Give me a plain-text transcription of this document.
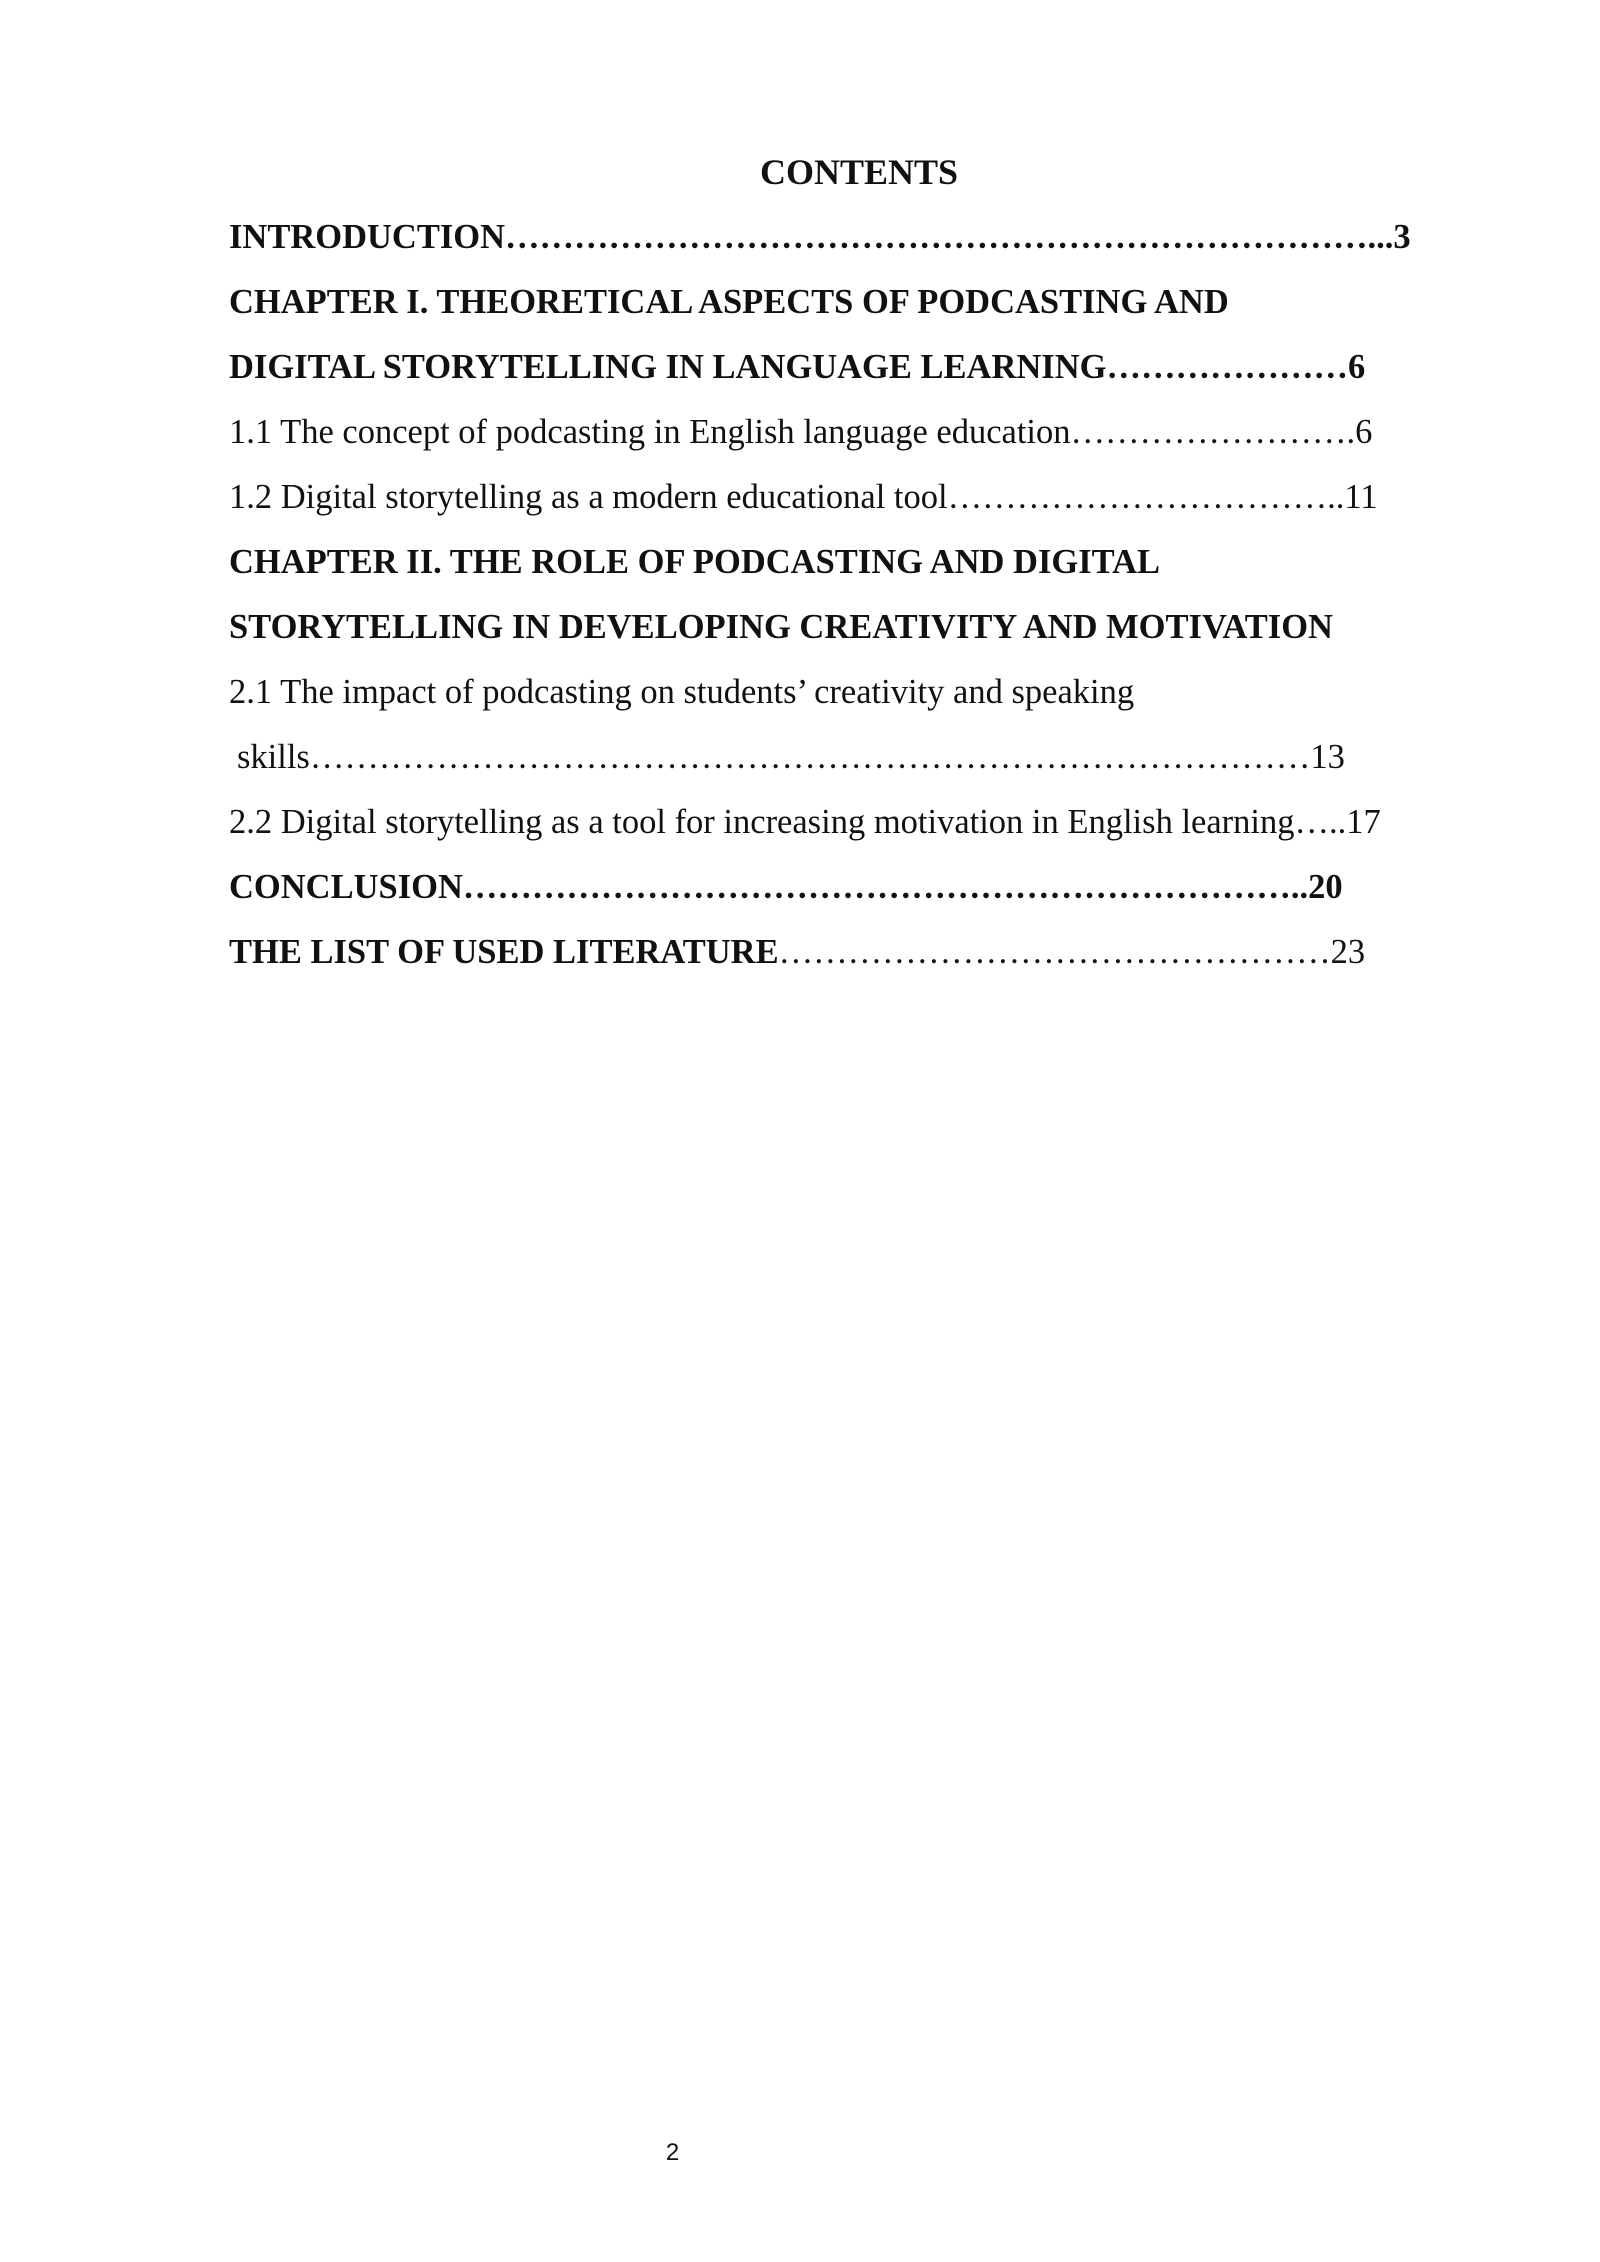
CONTENTS
INTRODUCTION…………………………………………………………………...3
CHAPTER I. THEORETICAL ASPECTS OF PODCASTING AND
DIGITAL STORYTELLING IN LANGUAGE LEARNING…………………6
1.1 The concept of podcasting in English language education…………………….6
1.2 Digital storytelling as a modern educational tool……………………………..11
CHAPTER II. THE ROLE OF PODCASTING AND DIGITAL
STORYTELLING IN DEVELOPING CREATIVITY AND MOTIVATION
2.1 The impact of podcasting on students’ creativity and speaking
skills……………………………………………………………………………13
2.2 Digital storytelling as a tool for increasing motivation in English learning…..17
CONCLUSION………………………………………………………………..20
THE LIST OF USED LITERATURE…………………………………………23
2
